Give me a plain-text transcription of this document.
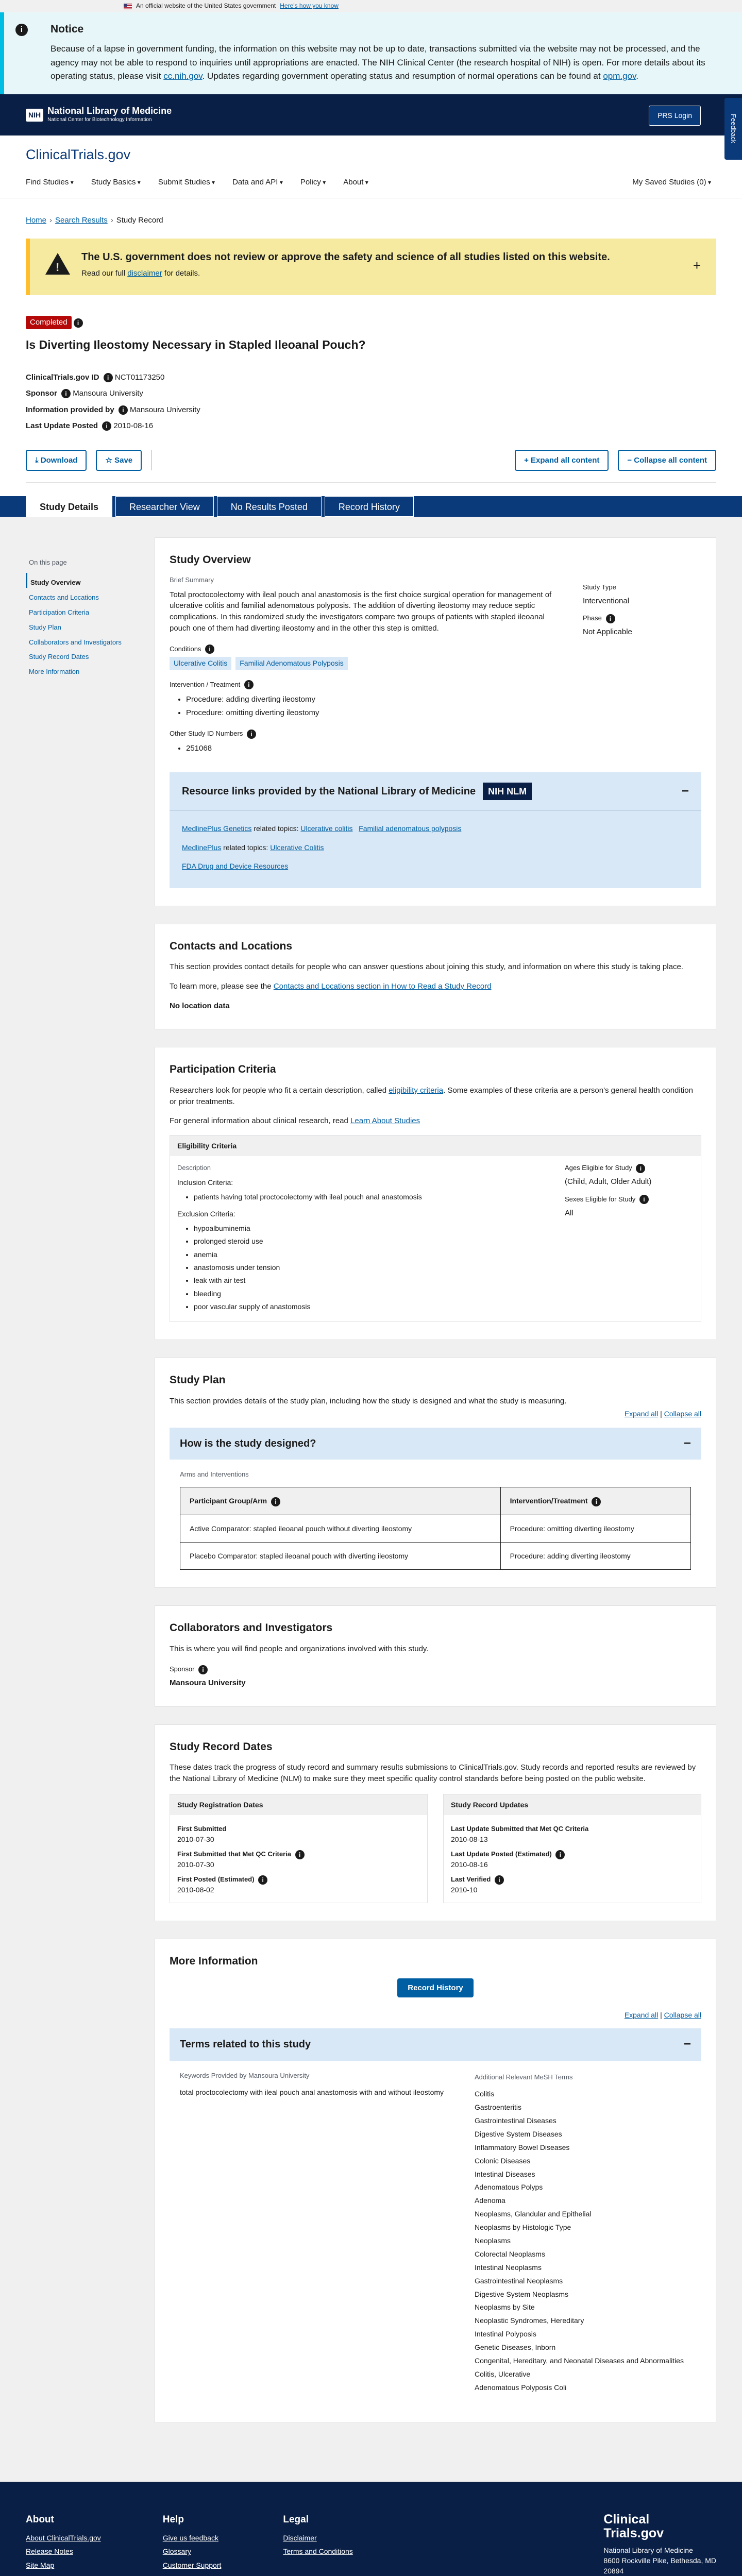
An official website of the United States government Here's how you know
i	Notice

Because of a lapse in government funding, the information on this website may not be up to date, transactions submitted via the website may not be processed, and the agency may not be able to respond to inquiries until appropriations are enacted. The NIH Clinical Center (the research hospital of NIH) is open. For more details about its operating status, please visit cc.nih.gov. Updates regarding government operating status and resumption of normal operations can be found at opm.gov.

NIH National Library of Medicine
National Center for Biotechnology Information
PRS Login	Feedback
ClinicalTrials.gov
Find Studies ▾	Study Basics ▾	Submit Studies ▾	Data and API ▾	Policy ▾	About ▾	My Saved Studies (0) ▾
Home › Search Results › Study Record
!
The U.S. government does not review or approve the safety and science of all studies listed on this website.

Read our full disclaimer for details.

+
Completed i
Is Diverting Ileostomy Necessary in Stapled Ileoanal Pouch?
ClinicalTrials.gov ID i NCT01173250
Sponsor i Mansoura University
Information provided by i Mansoura University
Last Update Posted i 2010-08-16
⤓ Download	☆ Save	+ Expand all content	− Collapse all content
Study Details	Researcher View	No Results Posted	Record History
On this page
Study Overview
Contacts and Locations
Participation Criteria
Study Plan
Collaborators and Investigators
Study Record Dates
More Information
Study Overview
Brief Summary

Total proctocolectomy with ileal pouch anal anastomosis is the first choice surgical operation for management of ulcerative colitis and familial adenomatous polyposis. The addition of diverting ileostomy may reduce septic complications. In this randomized study the investigators compare two groups of patients with stapled ileoanal pouch one of them had diverting ileostomy and in the other this step is omitted.

Conditions i
Ulcerative Colitis Familial Adenomatous Polyposis
Intervention / Treatment i
• Procedure: adding diverting ileostomy
• Procedure: omitting diverting ileostomy
Other Study ID Numbers i
• 251068
Study Type
Interventional
Phase i
Not Applicable
Resource links provided by the National Library of Medicine	NIH NLM	−
MedlinePlus Genetics related topics: Ulcerative colitis Familial adenomatous polyposis
MedlinePlus related topics: Ulcerative Colitis
FDA Drug and Device Resources
Contacts and Locations

This section provides contact details for people who can answer questions about joining this study, and information on where this study is taking place.

To learn more, please see the Contacts and Locations section in How to Read a Study Record

No location data

Participation Criteria

Researchers look for people who fit a certain description, called eligibility criteria. Some examples of these criteria are a person's general health condition or prior treatments.

For general information about clinical research, read Learn About Studies

Eligibility Criteria
Description

Inclusion Criteria:

• patients having total proctocolectomy with ileal pouch anal anastomosis

Exclusion Criteria:

• hypoalbuminemia
• prolonged steroid use
• anemia
• anastomosis under tension
• leak with air test
• bleeding
• poor vascular supply of anastomosis
Ages Eligible for Study i
(Child, Adult, Older Adult)
Sexes Eligible for Study i
All
Study Plan

This section provides details of the study plan, including how the study is designed and what the study is measuring.

Expand all | Collapse all
How is the study designed?	−
Arms and Interventions
Participant Group/Arm i	Intervention/Treatment i
Active Comparator: stapled ileoanal pouch without diverting ileostomy	Procedure: omitting diverting ileostomy
Placebo Comparator: stapled ileoanal pouch with diverting ileostomy	Procedure: adding diverting ileostomy
Collaborators and Investigators

This is where you will find people and organizations involved with this study.

Sponsor i

Mansoura University

Study Record Dates

These dates track the progress of study record and summary results submissions to ClinicalTrials.gov. Study records and reported results are reviewed by the National Library of Medicine (NLM) to make sure they meet specific quality control standards before being posted on the public website.

Study Registration Dates
First Submitted
2010-07-30
First Submitted that Met QC Criteria i
2010-07-30
First Posted (Estimated) i
2010-08-02
Study Record Updates
Last Update Submitted that Met QC Criteria
2010-08-13
Last Update Posted (Estimated) i
2010-08-16
Last Verified i
2010-10
More Information
Record History
Expand all | Collapse all
Terms related to this study	−
Keywords Provided by Mansoura University

total proctocolectomy with ileal pouch anal anastomosis with and without ileostomy

Additional Relevant MeSH Terms
Colitis
Gastroenteritis
Gastrointestinal Diseases
Digestive System Diseases
Inflammatory Bowel Diseases
Colonic Diseases
Intestinal Diseases
Adenomatous Polyps
Adenoma
Neoplasms, Glandular and Epithelial
Neoplasms by Histologic Type
Neoplasms
Colorectal Neoplasms
Intestinal Neoplasms
Gastrointestinal Neoplasms
Digestive System Neoplasms
Neoplasms by Site
Neoplastic Syndromes, Hereditary
Intestinal Polyposis
Genetic Diseases, Inborn
Congenital, Hereditary, and Neonatal Diseases and Abnormalities
Colitis, Ulcerative
Adenomatous Polyposis Coli
About
About ClinicalTrials.gov
Release Notes
Site Map
Help
Give us feedback
Glossary
Customer Support
Legal
Disclaimer
Terms and Conditions
Clinical
Trials.gov
National Library of Medicine
8600 Rockville Pike, Bethesda, MD
20894
